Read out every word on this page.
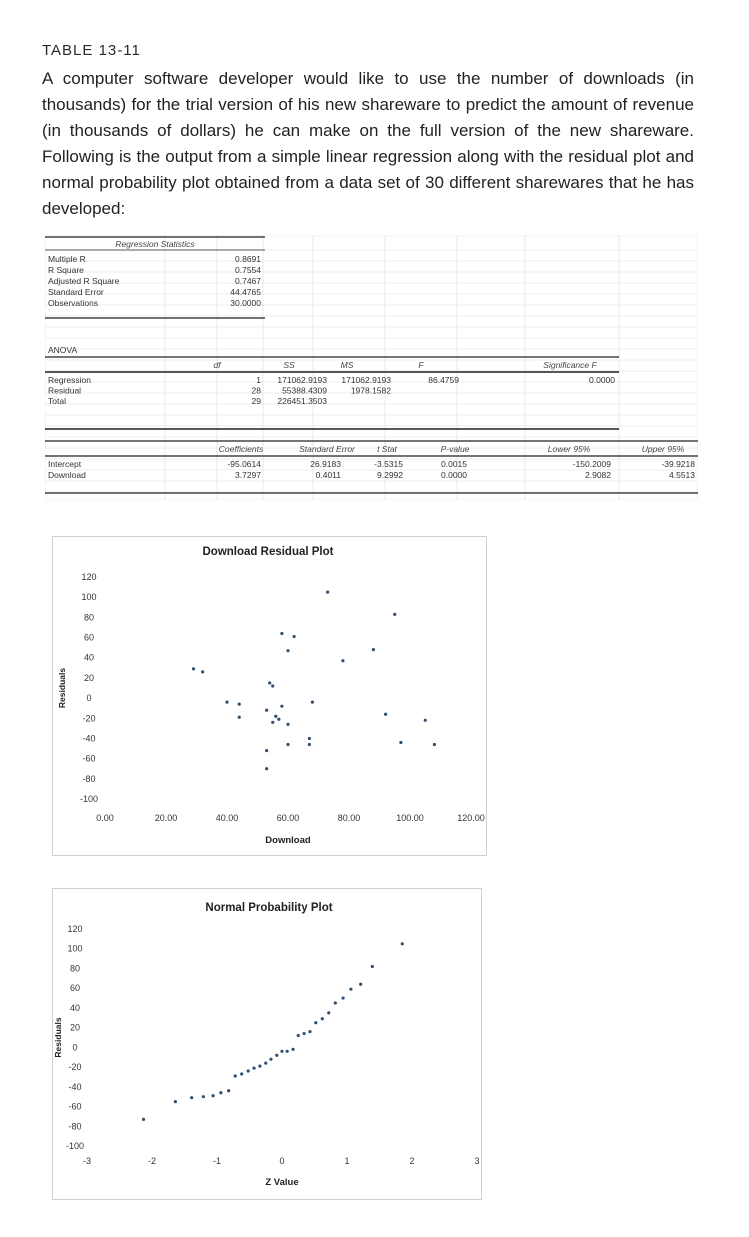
TABLE 13-11
A computer software developer would like to use the number of downloads (in thousands) for the trial version of his new shareware to predict the amount of revenue (in thousands of dollars) he can make on the full version of the new shareware. Following is the output from a simple linear regression along with the residual plot and normal probability plot obtained from a data set of 30 different sharewares that he has developed:
Regression Statistics
Multiple R	0.8691
R Square	0.7554
Adjusted R Square	0.7467
Standard Error	44.4765
Observations	30.0000
ANOVA
df	SS	MS	F	Significance F
Regression	1 171062.9193 171062.9193	86.4759	0.0000
Residual	28 55388.4309	1978.1582
Total	29 226451.3503
Coefficients	Standard Error	t Stat	P-value	Lower 95%	Upper 95%
Intercept	-95.0614	26.9183	-3.5315	0.0015	-150.2009	-39.9218
Download	3.7297	0.4011	9.2992	0.0000	2.9082	4.5513
Download Residual Plot
-100
-80
-60
-40
-20
0
20
40
60
80
100
120
0.00	20.00	40.00	60.00	80.00	100.00	120.00
Download
Residuals
Normal Probability Plot
-100
-80
-60
-40
-20
0
20
40
60
80
100
120
-3	-2	-1	0	1	2	3
Z Value
Residuals
